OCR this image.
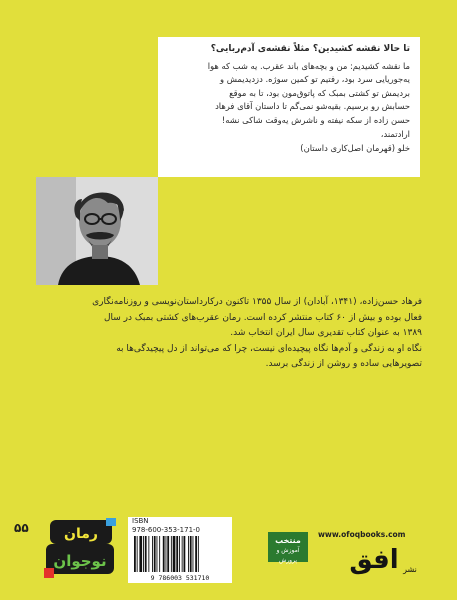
تا حالا نقشه کشیدین؟ مثلاً نقشه‌ی آدم‌ربایی؟
ما نقشه کشیدیم: من و بچه‌های باند عقرب. یه شب که هوا
یه‌جوریایی سرد بود، رفتیم تو کمین سوژه. دزدیدیمش و
بردیمش تو کشتی بمبک که پاتوق‌مون بود، تا به موقع
حسابش رو برسیم. بقیه‌شو نمی‌گم تا داستان آقای فرهاد
حسن زاده از سکه نیفته و ناشرش یه‌وقت شاکی نشه!
ارادتمند،
خلو (قهرمان اصل‌کاری داستان)
فرهاد حسن‌زاده، (۱۳۴۱، آبادان) از سال ۱۳۵۵ تاکنون درکارداستان‌نویسی و روزنامه‌نگاری
فعال بوده و بیش از ۶۰ کتاب منتشر کرده است. رمان عقرب‌های کشتی بمبک در سال
۱۳۸۹ به عنوان کتاب تقدیری سال ایران انتخاب شد.
نگاه او به زندگی و آدم‌ها نگاه پیچیده‌ای نیست، چرا که می‌تواند از دل پیچیدگی‌ها به
تصویرهایی ساده و روشن از زندگی برسد.
۵۵	رمان
نوجوان
ISBN
978-600-353-171-0
9 786003 531710
منتخب
آموزش و پرورش
www.ofoqbooks.com
افق نشر
